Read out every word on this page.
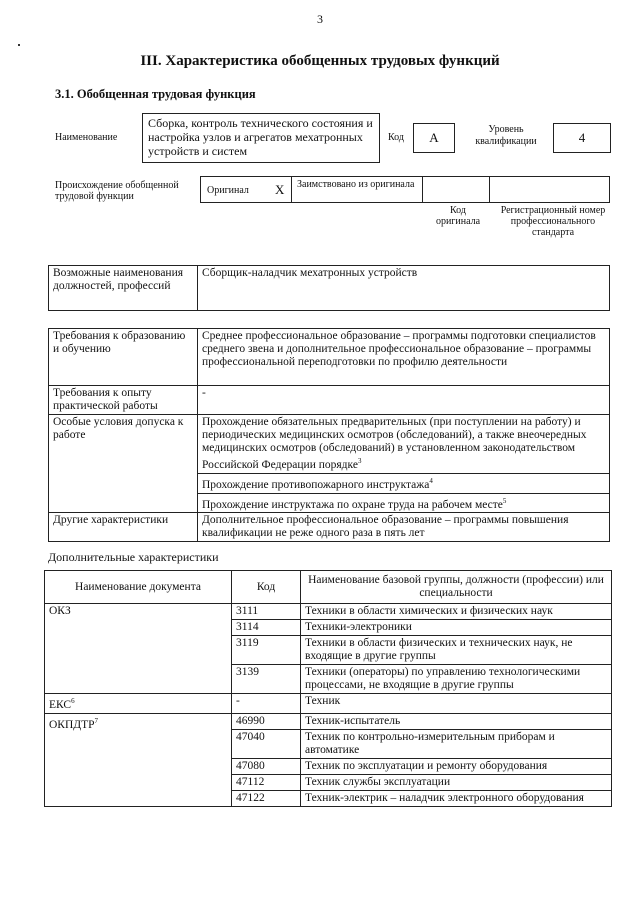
3
III. Характеристика обобщенных трудовых функций
3.1. Обобщенная трудовая функция
Наименование
Сборка, контроль технического состояния и настройка узлов и агрегатов мехатронных устройств и систем
Код	A
Уровень квалификации	4
Происхождение обобщенной трудовой функции
Оригинал X Заимствовано из оригинала
Код оригинала
Регистрационный номер профессионального стандарта
Возможные наименования должностей, профессий	Сборщик-наладчик мехатронных устройств
Требования к образованию и обучению	Среднее профессиональное образование – программы подготовки специалистов среднего звена и дополнительное профессиональное образование – программы профессиональной переподготовки по профилю деятельности
Требования к опыту практической работы	-
Особые условия допуска к работе	Прохождение обязательных предварительных (при поступлении на работу) и периодических медицинских осмотров (обследований), а также внеочередных медицинских осмотров (обследований) в установленном законодательством Российской Федерации порядке$^3$
	Прохождение противопожарного инструктажа$^4$
	Прохождение инструктажа по охране труда на рабочем месте$^5$
Другие характеристики	Дополнительное профессиональное образование – программы повышения квалификации не реже одного раза в пять лет
Дополнительные характеристики
Наименование документа	Код	Наименование базовой группы, должности (профессии) или специальности
ОКЗ	3111	Техники в области химических и физических наук
	3114	Техники-электроники
	3119	Техники в области физических и технических наук, не входящие в другие группы
	3139	Техники (операторы) по управлению технологическими процессами, не входящие в другие группы
ЕКС$^6$	-	Техник
ОКПДТР$^7$	46990	Техник-испытатель
	47040	Техник по контрольно-измерительным приборам и автоматике
	47080	Техник по эксплуатации и ремонту оборудования
	47112	Техник службы эксплуатации
	47122	Техник-электрик – наладчик электронного оборудования
